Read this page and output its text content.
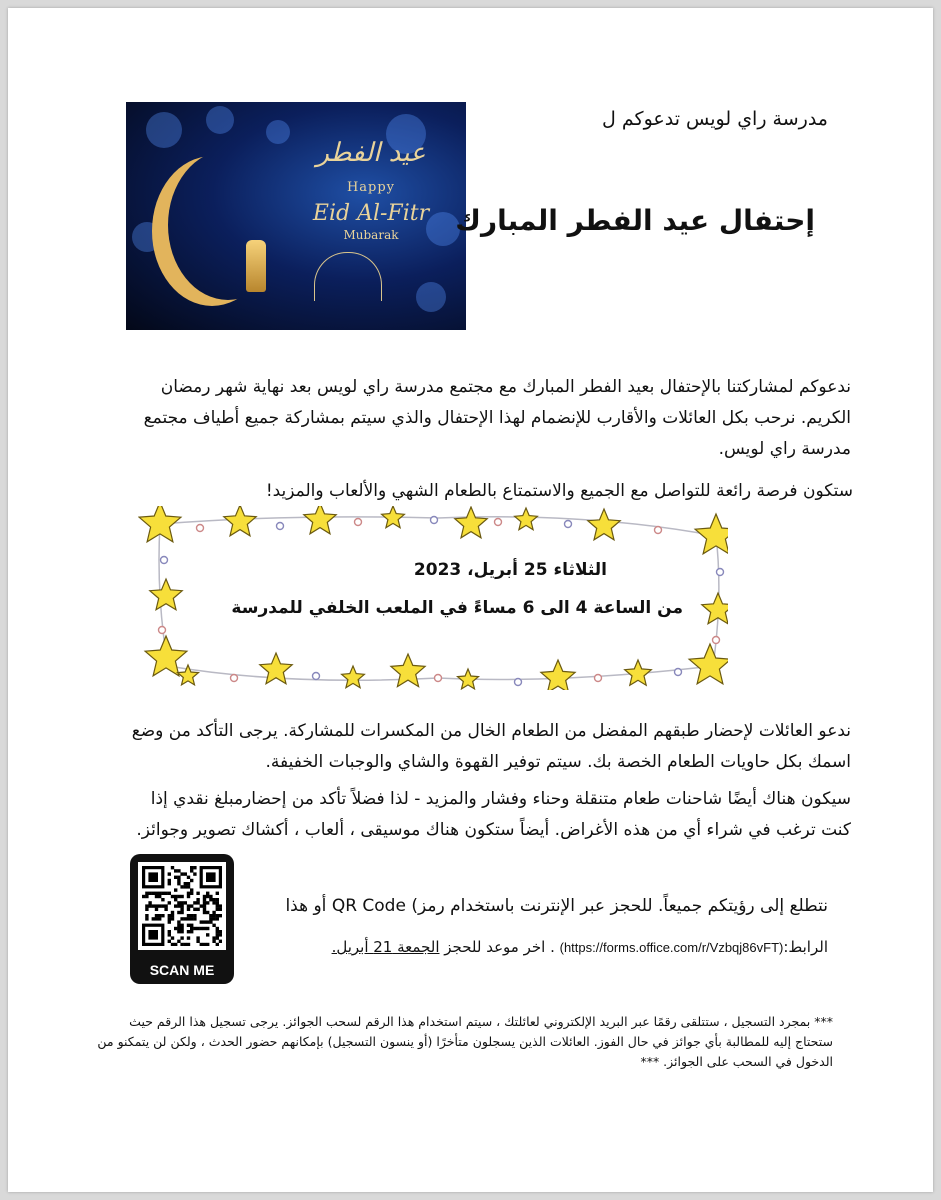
عيد الفطر
Happy
Eid Al-Fitr
Mubarak
مدرسة راي لويس تدعوكم ل
إحتفال عيد الفطر المبارك
ندعوكم لمشاركتنا بالإحتفال بعيد الفطر المبارك مع مجتمع مدرسة راي لويس بعد نهاية شهر رمضان الكريم. نرحب بكل العائلات والأقارب للإنضمام لهذا الإحتفال والذي سيتم بمشاركة جميع أطياف مجتمع مدرسة راي لويس.
ستكون فرصة رائعة للتواصل مع الجميع والاستمتاع بالطعام الشهي والألعاب والمزيد!
الثلاثاء 25 أبريل، 2023
من الساعة 4 الى 6 مساءً في الملعب الخلفي للمدرسة
ندعو العائلات لإحضار طبقهم المفضل من الطعام الخال من المكسرات للمشاركة. يرجى التأكد من وضع اسمك بكل حاويات الطعام الخصة بك. سيتم توفير القهوة والشاي والوجبات الخفيفة.
سيكون هناك أيضًا شاحنات طعام متنقلة وحناء وفشار والمزيد - لذا فضلاً تأكد من إحضارمبلغ نقدي إذا كنت ترغب في شراء أي من هذه الأغراض. أيضاً ستكون هناك موسيقى ، ألعاب ، أكشاك تصوير وجوائز.
SCAN ME
نتطلع إلى رؤيتكم جميعاً. للحجز عبر الإنترنت باستخدام رمز) QR Code أو هذا
الرابط:(https://forms.office.com/r/Vzbqj86vFT) . اخر موعد للحجز الجمعة 21 أبريل.
*** بمجرد التسجيل ، ستتلقى رقمًا عبر البريد الإلكتروني لعائلتك ، سيتم استخدام هذا الرقم لسحب الجوائز. يرجى تسجيل هذا الرقم حيث ستحتاج إليه للمطالبة بأي جوائز في حال الفوز. العائلات الذين يسجلون متأخرًا (أو ينسون التسجيل) بإمكانهم حضور الحدث ، ولكن لن يتمكنو من الدخول في السحب على الجوائز. ***
